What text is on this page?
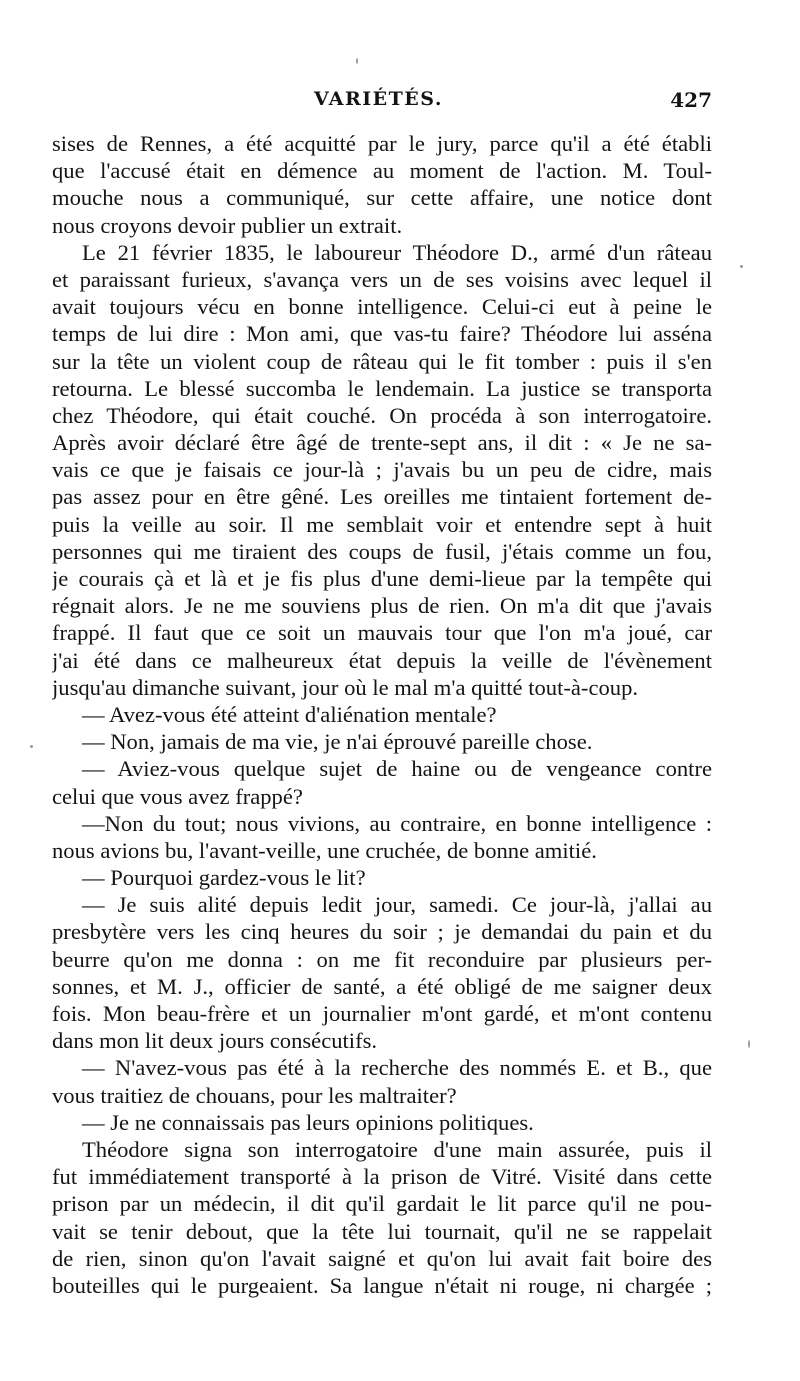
VARIÉTÉS.	427
sises de Rennes, a été acquitté par le jury, parce qu'il a été établi
que l'accusé était en démence au moment de l'action. M. Toul-
mouche nous a communiqué, sur cette affaire, une notice dont
nous croyons devoir publier un extrait.
Le 21 février 1835, le laboureur Théodore D., armé d'un râteau
et paraissant furieux, s'avança vers un de ses voisins avec lequel il
avait toujours vécu en bonne intelligence. Celui-ci eut à peine le
temps de lui dire : Mon ami, que vas-tu faire? Théodore lui asséna
sur la tête un violent coup de râteau qui le fit tomber : puis il s'en
retourna. Le blessé succomba le lendemain. La justice se transporta
chez Théodore, qui était couché. On procéda à son interrogatoire.
Après avoir déclaré être âgé de trente-sept ans, il dit : « Je ne sa-
vais ce que je faisais ce jour-là ; j'avais bu un peu de cidre, mais
pas assez pour en être gêné. Les oreilles me tintaient fortement de-
puis la veille au soir. Il me semblait voir et entendre sept à huit
personnes qui me tiraient des coups de fusil, j'étais comme un fou,
je courais çà et là et je fis plus d'une demi-lieue par la tempête qui
régnait alors. Je ne me souviens plus de rien. On m'a dit que j'avais
frappé. Il faut que ce soit un mauvais tour que l'on m'a joué, car
j'ai été dans ce malheureux état depuis la veille de l'évènement
jusqu'au dimanche suivant, jour où le mal m'a quitté tout-à-coup.
— Avez-vous été atteint d'aliénation mentale?
— Non, jamais de ma vie, je n'ai éprouvé pareille chose.
— Aviez-vous quelque sujet de haine ou de vengeance contre
celui que vous avez frappé?
—Non du tout; nous vivions, au contraire, en bonne intelligence :
nous avions bu, l'avant-veille, une cruchée, de bonne amitié.
— Pourquoi gardez-vous le lit?
— Je suis alité depuis ledit jour, samedi. Ce jour-là, j'allai au
presbytère vers les cinq heures du soir ; je demandai du pain et du
beurre qu'on me donna : on me fit reconduire par plusieurs per-
sonnes, et M. J., officier de santé, a été obligé de me saigner deux
fois. Mon beau-frère et un journalier m'ont gardé, et m'ont contenu
dans mon lit deux jours consécutifs.
— N'avez-vous pas été à la recherche des nommés E. et B., que
vous traitiez de chouans, pour les maltraiter?
— Je ne connaissais pas leurs opinions politiques.
Théodore signa son interrogatoire d'une main assurée, puis il
fut immédiatement transporté à la prison de Vitré. Visité dans cette
prison par un médecin, il dit qu'il gardait le lit parce qu'il ne pou-
vait se tenir debout, que la tête lui tournait, qu'il ne se rappelait
de rien, sinon qu'on l'avait saigné et qu'on lui avait fait boire des
bouteilles qui le purgeaient. Sa langue n'était ni rouge, ni chargée ;
